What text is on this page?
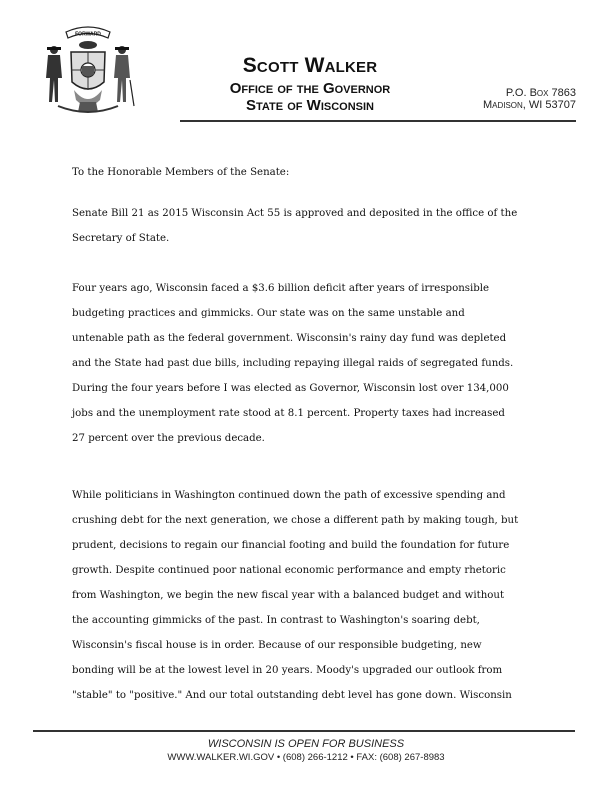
FORWARD
Scott Walker
Office of the Governor
State of Wisconsin
P.O. Box 7863
Madison, WI 53707
To the Honorable Members of the Senate:

Senate Bill 21 as 2015 Wisconsin Act 55 is approved and deposited in the office of the

Secretary of State.

Four years ago, Wisconsin faced a $3.6 billion deficit after years of irresponsible

budgeting practices and gimmicks. Our state was on the same unstable and

untenable path as the federal government. Wisconsin's rainy day fund was depleted

and the State had past due bills, including repaying illegal raids of segregated funds.

During the four years before I was elected as Governor, Wisconsin lost over 134,000

jobs and the unemployment rate stood at 8.1 percent. Property taxes had increased

27 percent over the previous decade.

While politicians in Washington continued down the path of excessive spending and

crushing debt for the next generation, we chose a different path by making tough, but

prudent, decisions to regain our financial footing and build the foundation for future

growth. Despite continued poor national economic performance and empty rhetoric

from Washington, we begin the new fiscal year with a balanced budget and without

the accounting gimmicks of the past. In contrast to Washington's soaring debt,

Wisconsin's fiscal house is in order. Because of our responsible budgeting, new

bonding will be at the lowest level in 20 years. Moody's upgraded our outlook from

"stable" to "positive." And our total outstanding debt level has gone down. Wisconsin

WISCONSIN IS OPEN FOR BUSINESS
WWW.WALKER.WI.GOV • (608) 266-1212 • FAX: (608) 267-8983
